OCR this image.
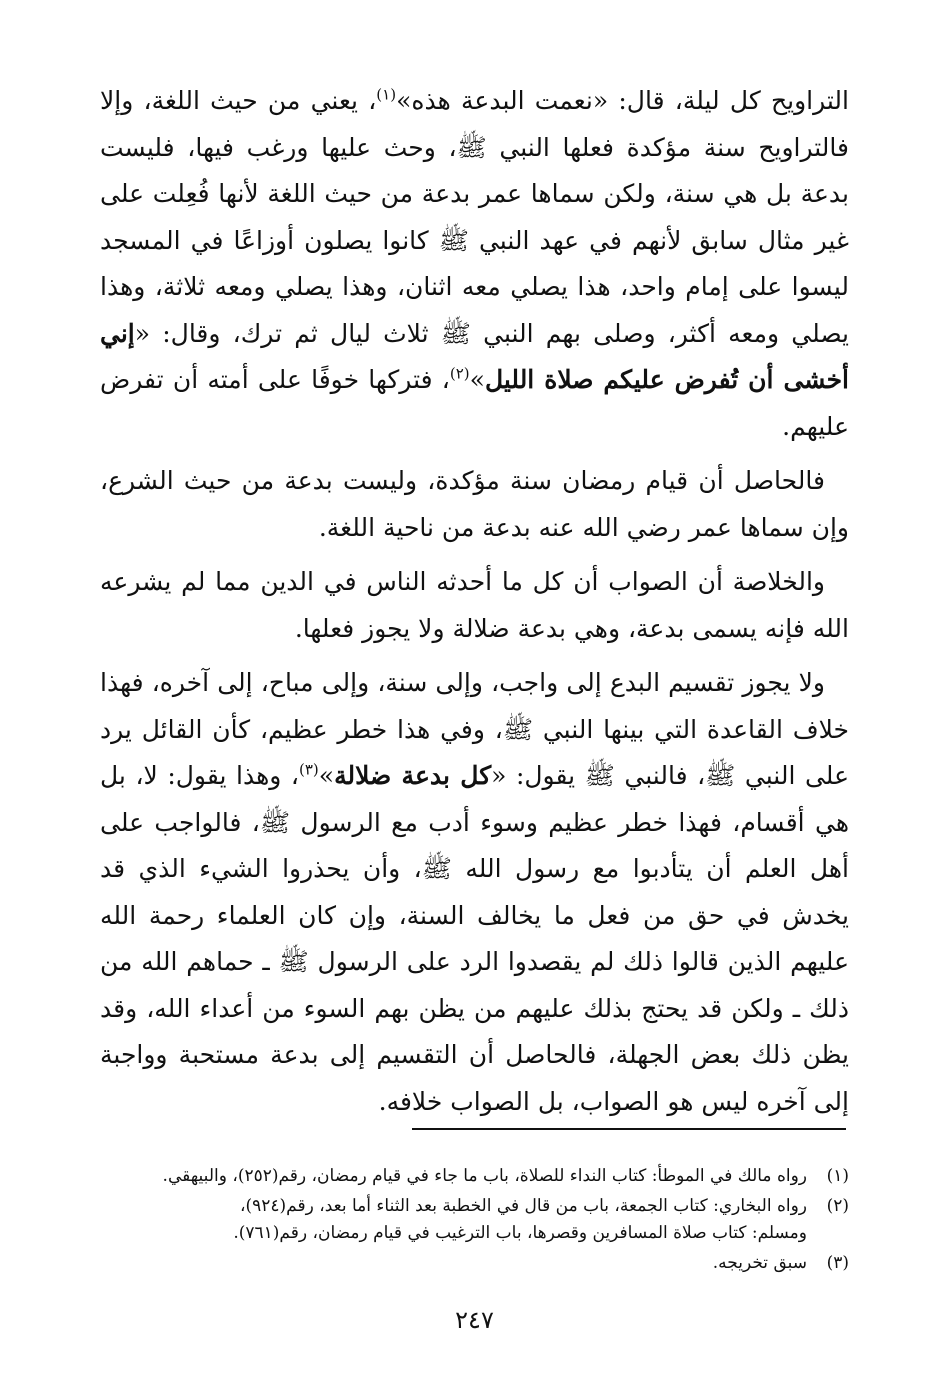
التراويح كل ليلة، قال: «نعمت البدعة هذه»$^{(١)}$، يعني من حيث اللغة، وإلا فالتراويح سنة مؤكدة فعلها النبي ﷺ، وحث عليها ورغب فيها، فليست بدعة بل هي سنة، ولكن سماها عمر بدعة من حيث اللغة لأنها فُعِلت على غير مثال سابق لأنهم في عهد النبي ﷺ كانوا يصلون أوزاعًا في المسجد ليسوا على إمام واحد، هذا يصلي معه اثنان، وهذا يصلي ومعه ثلاثة، وهذا يصلي ومعه أكثر، وصلى بهم النبي ﷺ ثلاث ليال ثم ترك، وقال: «إني أخشى أن تُفرض عليكم صلاة الليل»$^{(٢)}$، فتركها خوفًا على أمته أن تفرض عليهم.

فالحاصل أن قيام رمضان سنة مؤكدة، وليست بدعة من حيث الشرع، وإن سماها عمر رضي الله عنه بدعة من ناحية اللغة.

والخلاصة أن الصواب أن كل ما أحدثه الناس في الدين مما لم يشرعه الله فإنه يسمى بدعة، وهي بدعة ضلالة ولا يجوز فعلها.

ولا يجوز تقسيم البدع إلى واجب، وإلى سنة، وإلى مباح، إلى آخره، فهذا خلاف القاعدة التي بينها النبي ﷺ، وفي هذا خطر عظيم، كأن القائل يرد على النبي ﷺ، فالنبي ﷺ يقول: «كل بدعة ضلالة»$^{(٣)}$، وهذا يقول: لا، بل هي أقسام، فهذا خطر عظيم وسوء أدب مع الرسول ﷺ، فالواجب على أهل العلم أن يتأدبوا مع رسول الله ﷺ، وأن يحذروا الشيء الذي قد يخدش في حق من فعل ما يخالف السنة، وإن كان العلماء رحمة الله عليهم الذين قالوا ذلك لم يقصدوا الرد على الرسول ﷺ ـ حماهم الله من ذلك ـ ولكن قد يحتج بذلك عليهم من يظن بهم السوء من أعداء الله، وقد يظن ذلك بعض الجهلة، فالحاصل أن التقسيم إلى بدعة مستحبة وواجبة إلى آخره ليس هو الصواب، بل الصواب خلافه.

(١)رواه مالك في الموطأ: كتاب النداء للصلاة، باب ما جاء في قيام رمضان، رقم(٢٥٢)، والبيهقي.

(٢)رواه البخاري: كتاب الجمعة، باب من قال في الخطبة بعد الثناء أما بعد، رقم(٩٢٤)،
ومسلم: كتاب صلاة المسافرين وقصرها، باب الترغيب في قيام رمضان، رقم(٧٦١).

(٣)سبق تخريجه.

٢٤٧
